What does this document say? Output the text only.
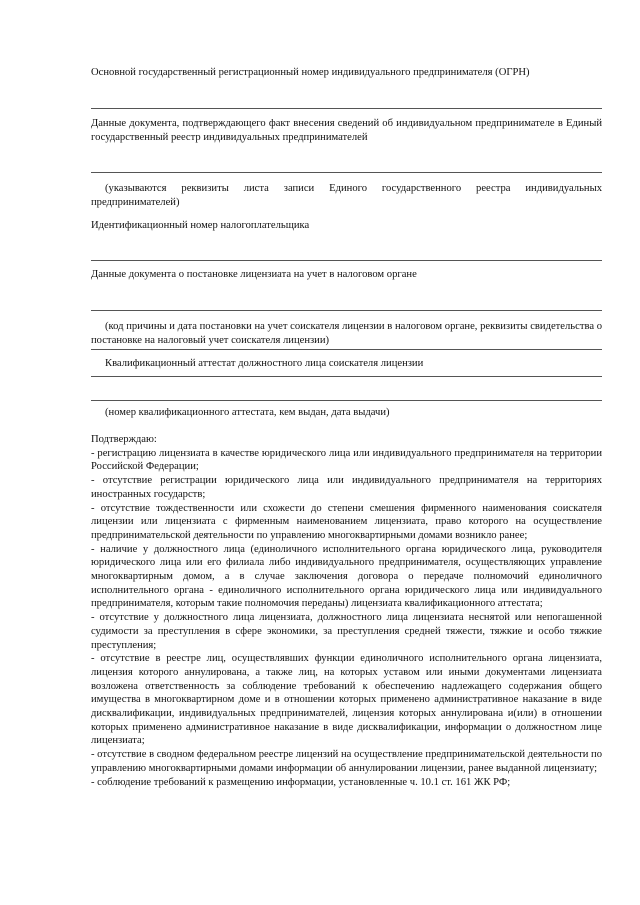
Основной государственный регистрационный номер индивидуального предпринимателя (ОГРН)

Данные документа, подтверждающего факт внесения сведений об индивидуальном предпринимателе в Единый государственный реестр индивидуальных предпринимателей

(указываются реквизиты листа записи Единого государственного реестра индивидуальных предпринимателей)

Идентификационный номер налогоплательщика

Данные документа о постановке лицензиата на учет в налоговом органе

(код причины и дата постановки на учет соискателя лицензии в налоговом органе, реквизиты свидетельства о постановке на налоговый учет соискателя лицензии)

Квалификационный аттестат должностного лица соискателя лицензии

(номер квалификационного аттестата, кем выдан, дата выдачи)

Подтверждаю:

- регистрацию лицензиата в качестве юридического лица или индивидуального предпринимателя на территории Российской Федерации;

- отсутствие регистрации юридического лица или индивидуального предпринимателя на территориях иностранных государств;

- отсутствие тождественности или схожести до степени смешения фирменного наименования соискателя лицензии или лицензиата с фирменным наименованием лицензиата, право которого на осуществление предпринимательской деятельности по управлению многоквартирными домами возникло ранее;

- наличие у должностного лица (единоличного исполнительного органа юридического лица, руководителя юридического лица или его филиала либо индивидуального предпринимателя, осуществляющих управление многоквартирным домом, а в случае заключения договора о передаче полномочий единоличного исполнительного органа - единоличного исполнительного органа юридического лица или индивидуального предпринимателя, которым такие полномочия переданы) лицензиата квалификационного аттестата;

- отсутствие у должностного лица лицензиата, должностного лица лицензиата неснятой или непогашенной судимости за преступления в сфере экономики, за преступления средней тяжести, тяжкие и особо тяжкие преступления;

- отсутствие в реестре лиц, осуществлявших функции единоличного исполнительного органа лицензиата, лицензия которого аннулирована, а также лиц, на которых уставом или иными документами лицензиата возложена ответственность за соблюдение требований к обеспечению надлежащего содержания общего имущества в многоквартирном доме и в отношении которых применено административное наказание в виде дисквалификации, индивидуальных предпринимателей, лицензия которых аннулирована и(или) в отношении которых применено административное наказание в виде дисквалификации, информации о должностном лице лицензиата;

- отсутствие в сводном федеральном реестре лицензий на осуществление предпринимательской деятельности по управлению многоквартирными домами информации об аннулировании лицензии, ранее выданной лицензиату;

- соблюдение требований к размещению информации, установленные ч. 10.1 ст. 161 ЖК РФ;
